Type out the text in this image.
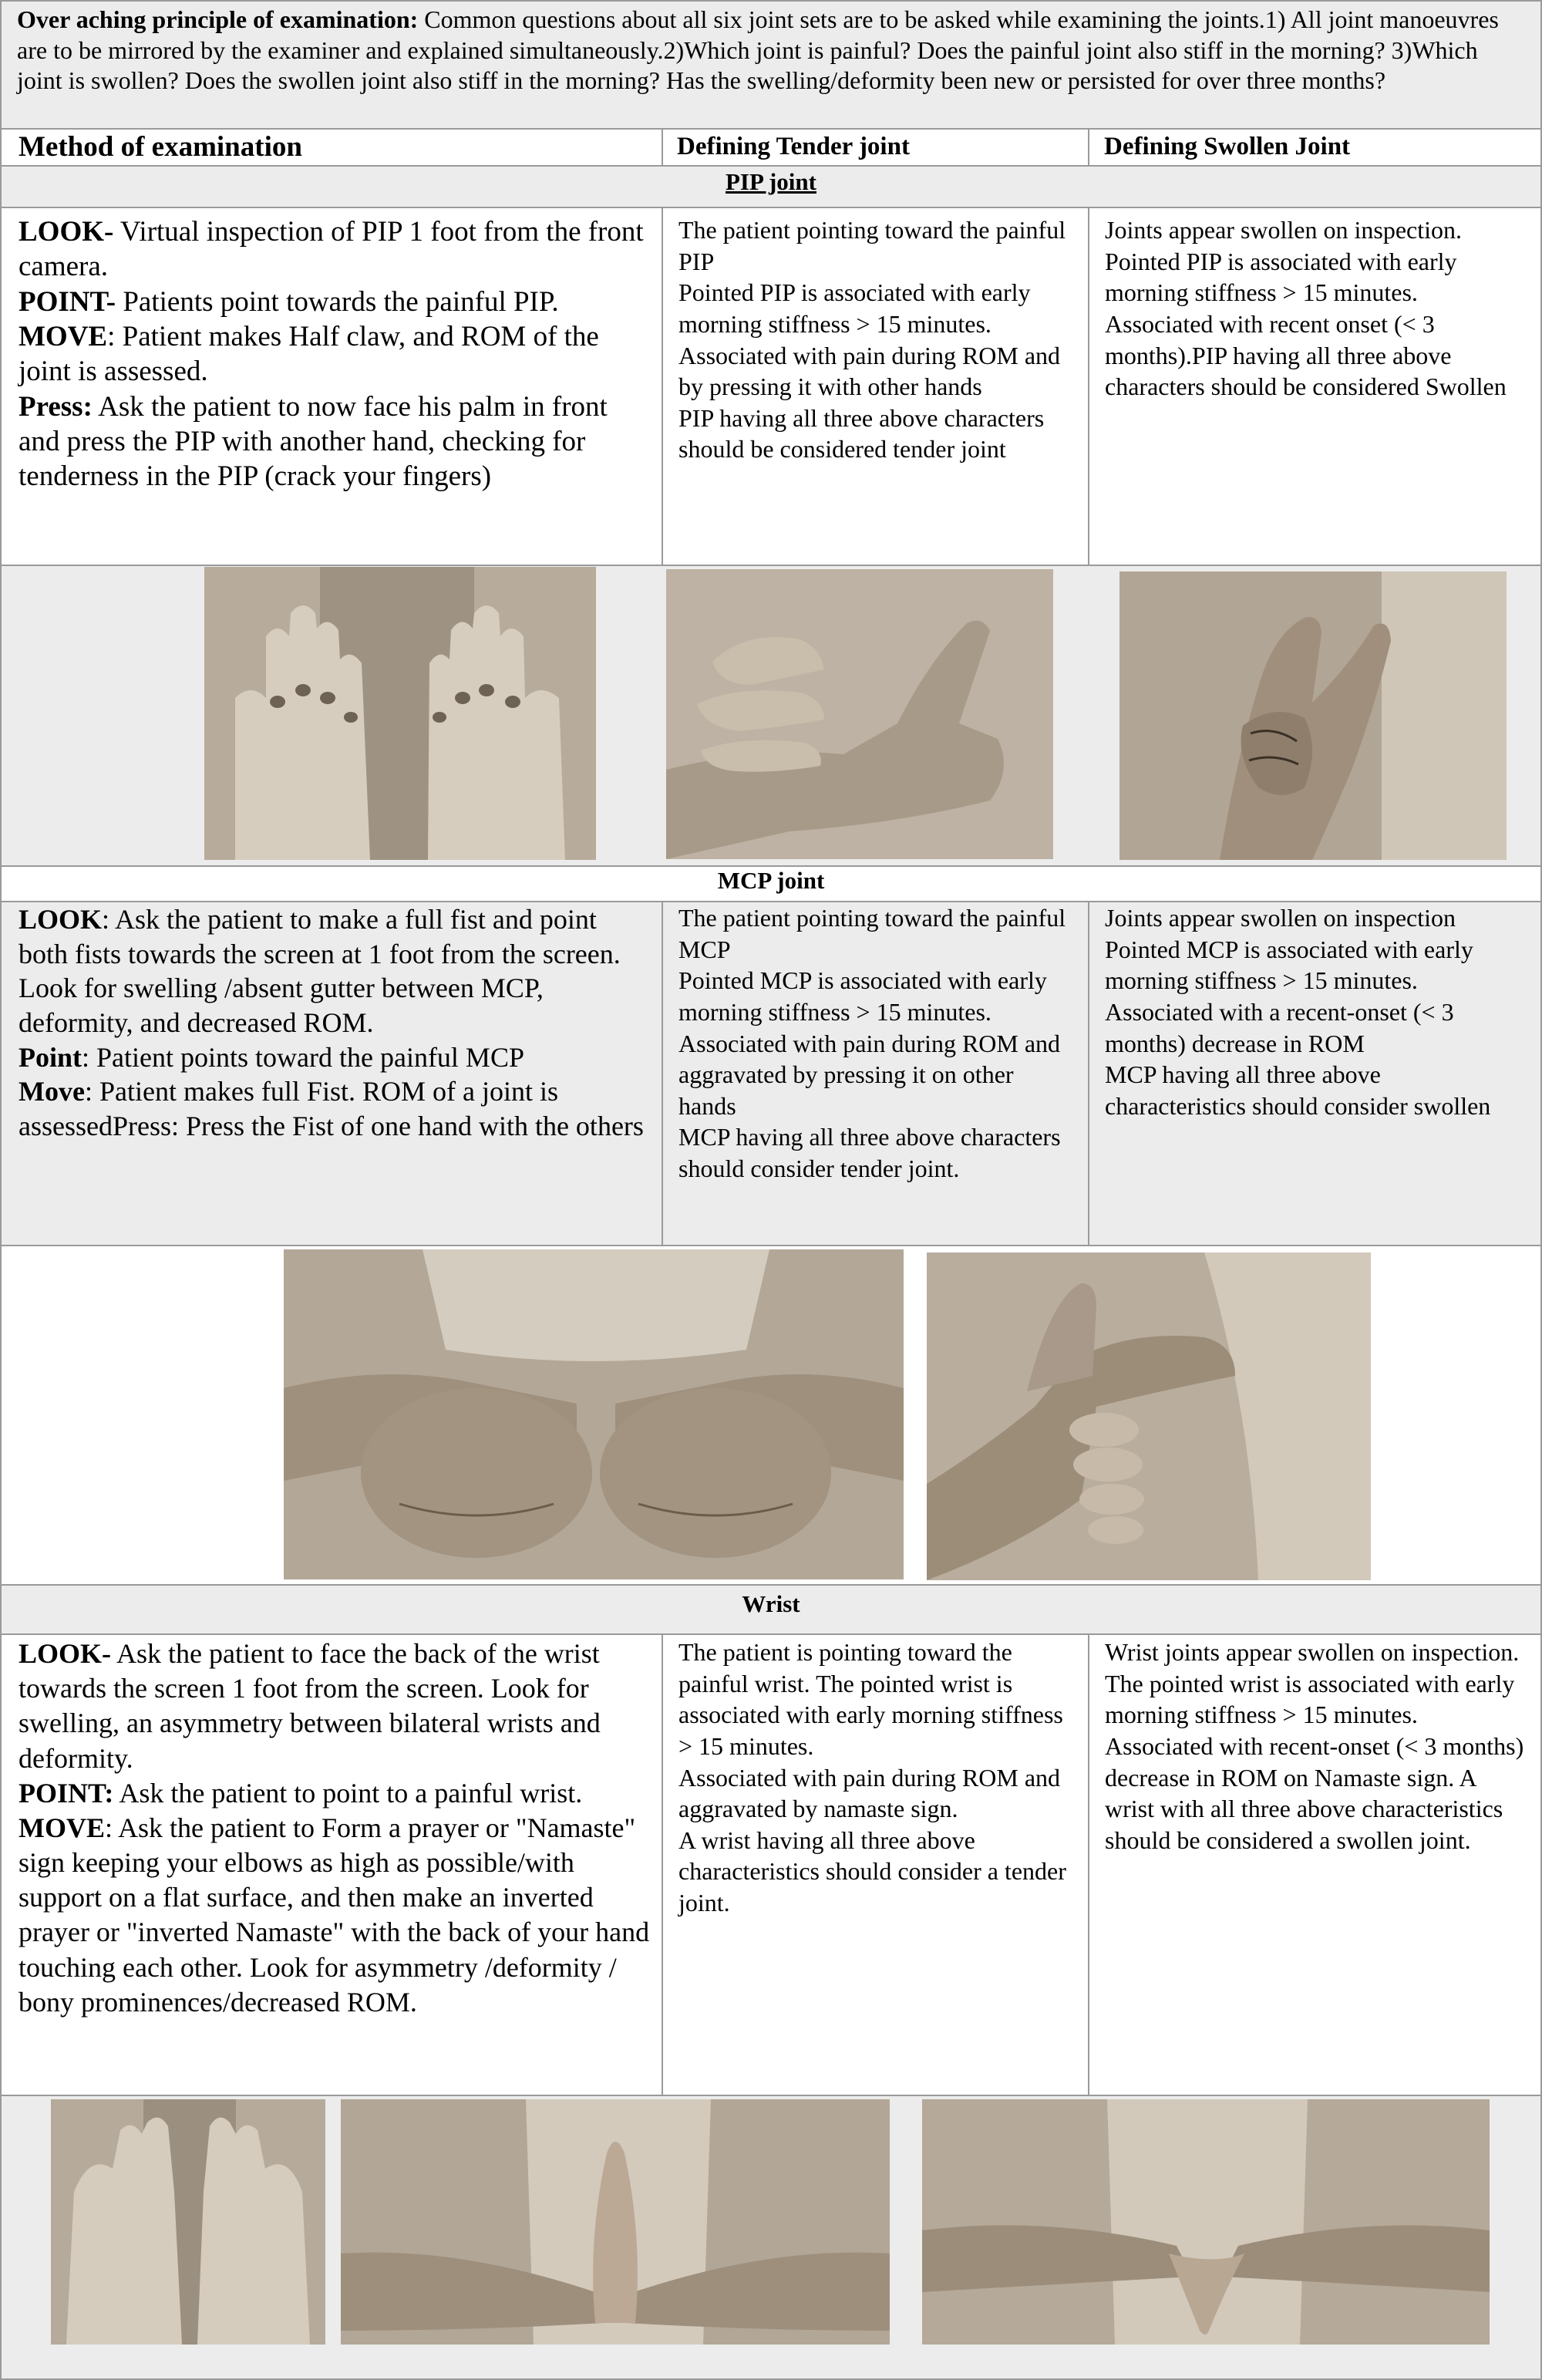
Over aching principle of examination: Common questions about all six joint sets are to be asked while examining the joints.1) All joint manoeuvres are to be mirrored by the examiner and explained simultaneously.2)Which joint is painful? Does the painful joint also stiff in the morning? 3)Which joint is swollen? Does the swollen joint also stiff in the morning? Has the swelling/deformity been new or persisted for over three months?
Method of examination	Defining Tender joint	Defining Swollen Joint
PIP joint
LOOK- Virtual inspection of PIP 1 foot from the front camera.
POINT- Patients point towards the painful PIP.
MOVE: Patient makes Half claw, and ROM of the joint is assessed.
Press: Ask the patient to now face his palm in front and press the PIP with another hand, checking for tenderness in the PIP (crack your fingers)
The patient pointing toward the painful PIP
Pointed PIP is associated with early morning stiffness > 15 minutes.
Associated with pain during ROM and by pressing it with other hands
PIP having all three above characters should be considered tender joint
Joints appear swollen on inspection.
Pointed PIP is associated with early morning stiffness > 15 minutes.
Associated with recent onset (< 3 months).PIP having all three above characters should be considered Swollen
MCP joint
LOOK: Ask the patient to make a full fist and point both fists towards the screen at 1 foot from the screen. Look for swelling /absent gutter between MCP, deformity, and decreased ROM.
Point: Patient points toward the painful MCP
Move: Patient makes full Fist. ROM of a joint is assessedPress: Press the Fist of one hand with the others
The patient pointing toward the painful MCP
Pointed MCP is associated with early morning stiffness > 15 minutes.
Associated with pain during ROM and aggravated by pressing it on other hands
MCP having all three above characters should consider tender joint.
Joints appear swollen on inspection
Pointed MCP is associated with early morning stiffness > 15 minutes.
Associated with a recent-onset (< 3 months) decrease in ROM
MCP having all three above characteristics should consider swollen
Wrist
LOOK- Ask the patient to face the back of the wrist towards the screen 1 foot from the screen. Look for swelling, an asymmetry between bilateral wrists and deformity.
POINT: Ask the patient to point to a painful wrist.
MOVE: Ask the patient to Form a prayer or "Namaste" sign keeping your elbows as high as possible/with support on a flat surface, and then make an inverted prayer or "inverted Namaste" with the back of your hand touching each other. Look for asymmetry /deformity / bony prominences/decreased ROM.
The patient is pointing toward the painful wrist. The pointed wrist is associated with early morning stiffness > 15 minutes.
Associated with pain during ROM and aggravated by namaste sign.
A wrist having all three above characteristics should consider a tender joint.
Wrist joints appear swollen on inspection. The pointed wrist is associated with early morning stiffness > 15 minutes.
Associated with recent-onset (< 3 months) decrease in ROM on Namaste sign. A wrist with all three above characteristics should be considered a swollen joint.
